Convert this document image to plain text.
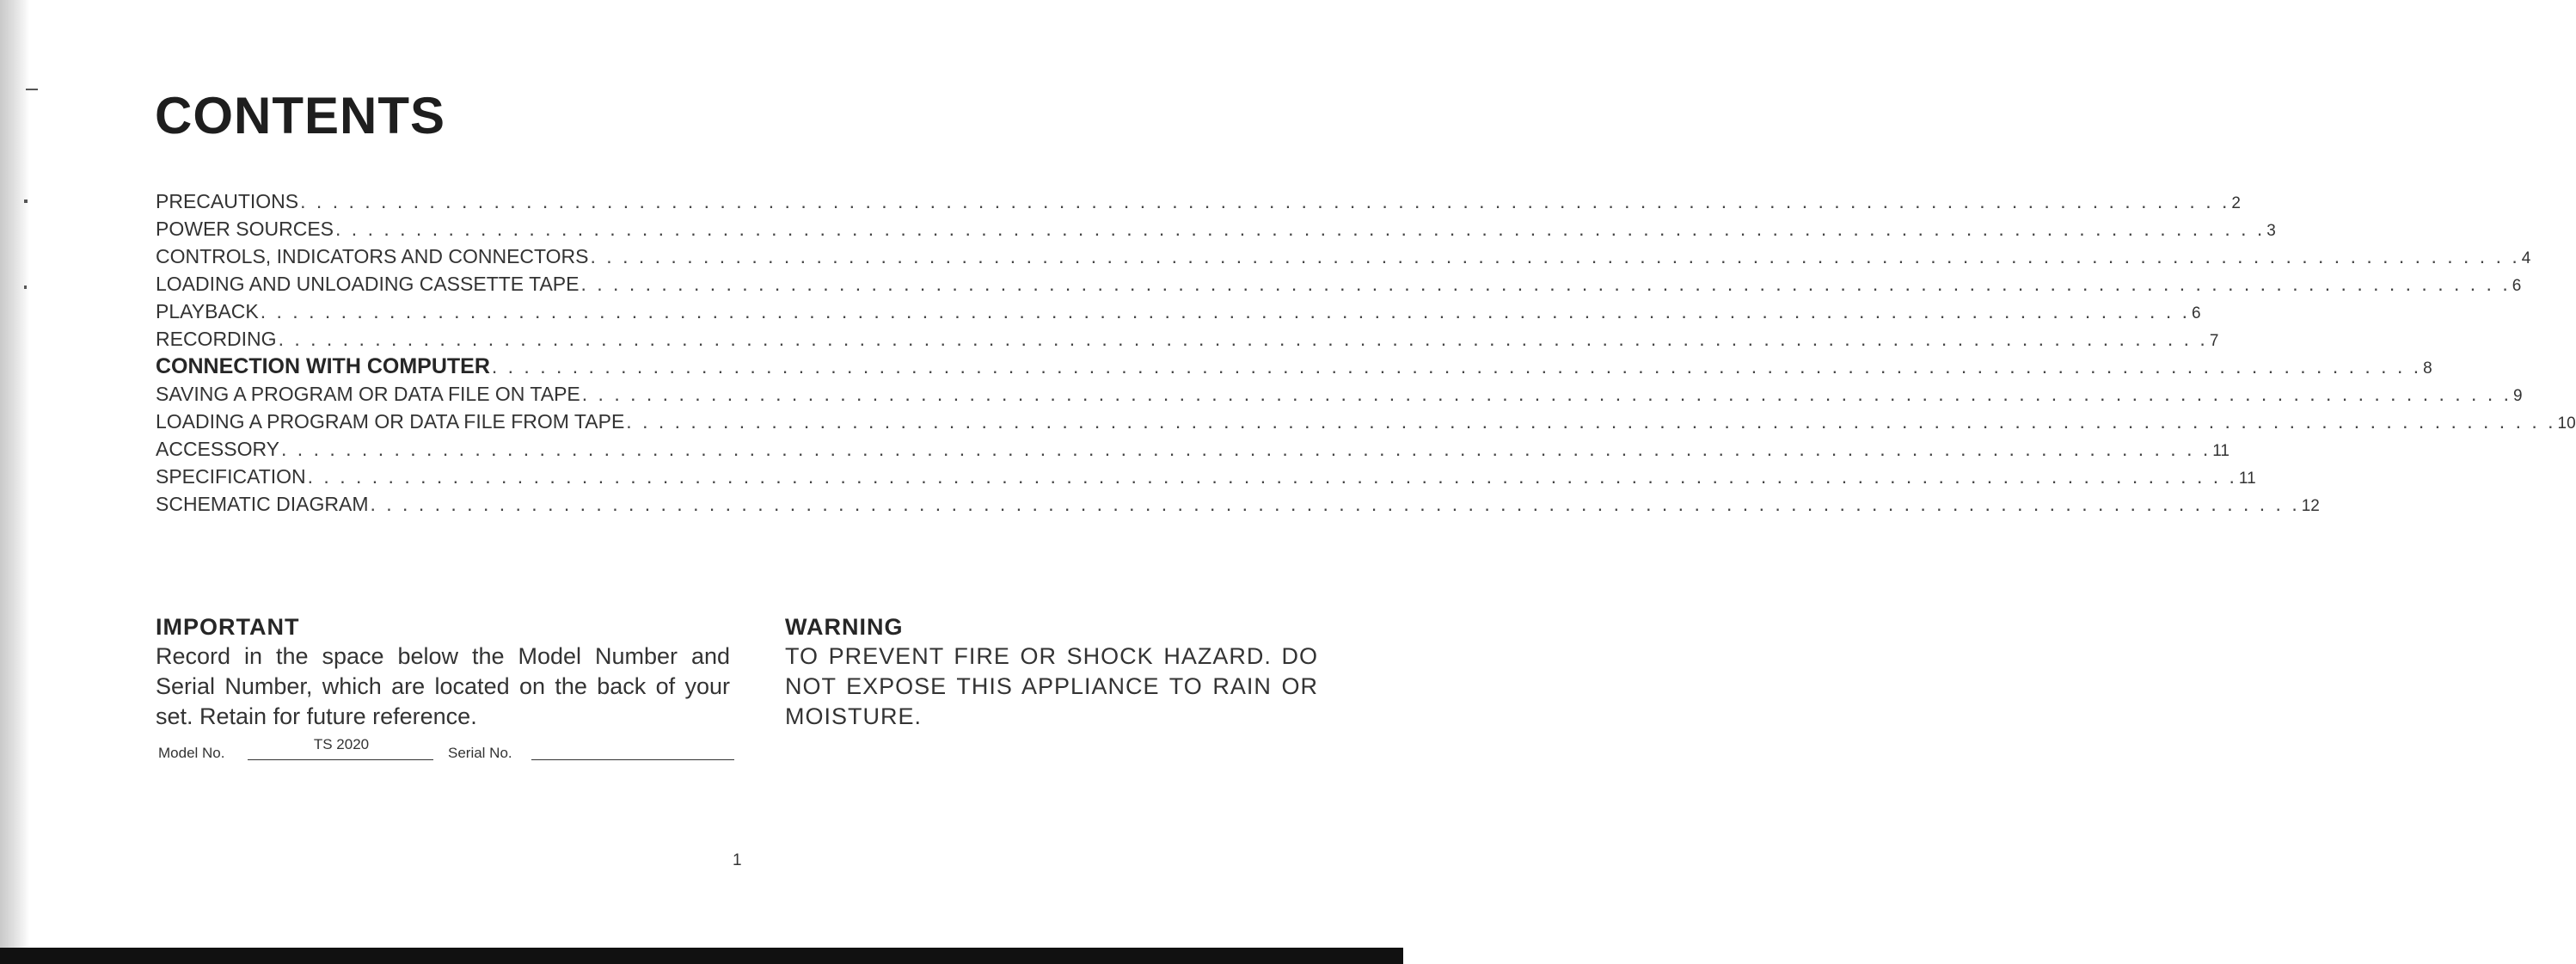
CONTENTS
PRECAUTIONS . . . . . . . . . . . . . . . . . . . . . . . . . . . . . . . . . . . . . . . . . . . . . . . . . . . . . . . . . . . . . . . . . . . . . . . . . . . . . . . . . . . . . . . . . . . . . . . . . . . . . . . . . . . . . . . . . . . . . . . . 2
POWER SOURCES . . . . . . . . . . . . . . . . . . . . . . . . . . . . . . . . . . . . . . . . . . . . . . . . . . . . . . . . . . . . . . . . . . . . . . . . . . . . . . . . . . . . . . . . . . . . . . . . . . . . . . . . . . . . . . . . . . . . . . . . 3
CONTROLS, INDICATORS AND CONNECTORS . . . . . . . . . . . . . . . . . . . . . . . . . . . . . . . . . . . . . . . . . . . . . . . . . . . . . . . . . . . . . . . . . . . . . . . . . . . . . . . . . . . . . . . . . . . . . . . . . . . . . . . . . . . . . . . . . . . . . . . . 4
LOADING AND UNLOADING CASSETTE TAPE . . . . . . . . . . . . . . . . . . . . . . . . . . . . . . . . . . . . . . . . . . . . . . . . . . . . . . . . . . . . . . . . . . . . . . . . . . . . . . . . . . . . . . . . . . . . . . . . . . . . . . . . . . . . . . . . . . . . . . . . 6
PLAYBACK . . . . . . . . . . . . . . . . . . . . . . . . . . . . . . . . . . . . . . . . . . . . . . . . . . . . . . . . . . . . . . . . . . . . . . . . . . . . . . . . . . . . . . . . . . . . . . . . . . . . . . . . . . . . . . . . . . . . . . . . 6
RECORDING . . . . . . . . . . . . . . . . . . . . . . . . . . . . . . . . . . . . . . . . . . . . . . . . . . . . . . . . . . . . . . . . . . . . . . . . . . . . . . . . . . . . . . . . . . . . . . . . . . . . . . . . . . . . . . . . . . . . . . . . 7
CONNECTION WITH COMPUTER . . . . . . . . . . . . . . . . . . . . . . . . . . . . . . . . . . . . . . . . . . . . . . . . . . . . . . . . . . . . . . . . . . . . . . . . . . . . . . . . . . . . . . . . . . . . . . . . . . . . . . . . . . . . . . . . . . . . . . . . 8
SAVING A PROGRAM OR DATA FILE ON TAPE . . . . . . . . . . . . . . . . . . . . . . . . . . . . . . . . . . . . . . . . . . . . . . . . . . . . . . . . . . . . . . . . . . . . . . . . . . . . . . . . . . . . . . . . . . . . . . . . . . . . . . . . . . . . . . . . . . . . . . . . 9
LOADING A PROGRAM OR DATA FILE FROM TAPE . . . . . . . . . . . . . . . . . . . . . . . . . . . . . . . . . . . . . . . . . . . . . . . . . . . . . . . . . . . . . . . . . . . . . . . . . . . . . . . . . . . . . . . . . . . . . . . . . . . . . . . . . . . . . . . . . . . . . . . . 10
ACCESSORY . . . . . . . . . . . . . . . . . . . . . . . . . . . . . . . . . . . . . . . . . . . . . . . . . . . . . . . . . . . . . . . . . . . . . . . . . . . . . . . . . . . . . . . . . . . . . . . . . . . . . . . . . . . . . . . . . . . . . . . . 11
SPECIFICATION . . . . . . . . . . . . . . . . . . . . . . . . . . . . . . . . . . . . . . . . . . . . . . . . . . . . . . . . . . . . . . . . . . . . . . . . . . . . . . . . . . . . . . . . . . . . . . . . . . . . . . . . . . . . . . . . . . . . . . . . 11
SCHEMATIC DIAGRAM . . . . . . . . . . . . . . . . . . . . . . . . . . . . . . . . . . . . . . . . . . . . . . . . . . . . . . . . . . . . . . . . . . . . . . . . . . . . . . . . . . . . . . . . . . . . . . . . . . . . . . . . . . . . . . . . . . . . . . . . 12
IMPORTANT
Record in the space below the Model Number and Serial Number, which are located on the back of your set. Retain for future reference.
Model No.
TS 2020
Serial No.
WARNING
TO PREVENT FIRE OR SHOCK HAZARD. DO NOT EXPOSE THIS APPLIANCE TO RAIN OR MOISTURE.
1
